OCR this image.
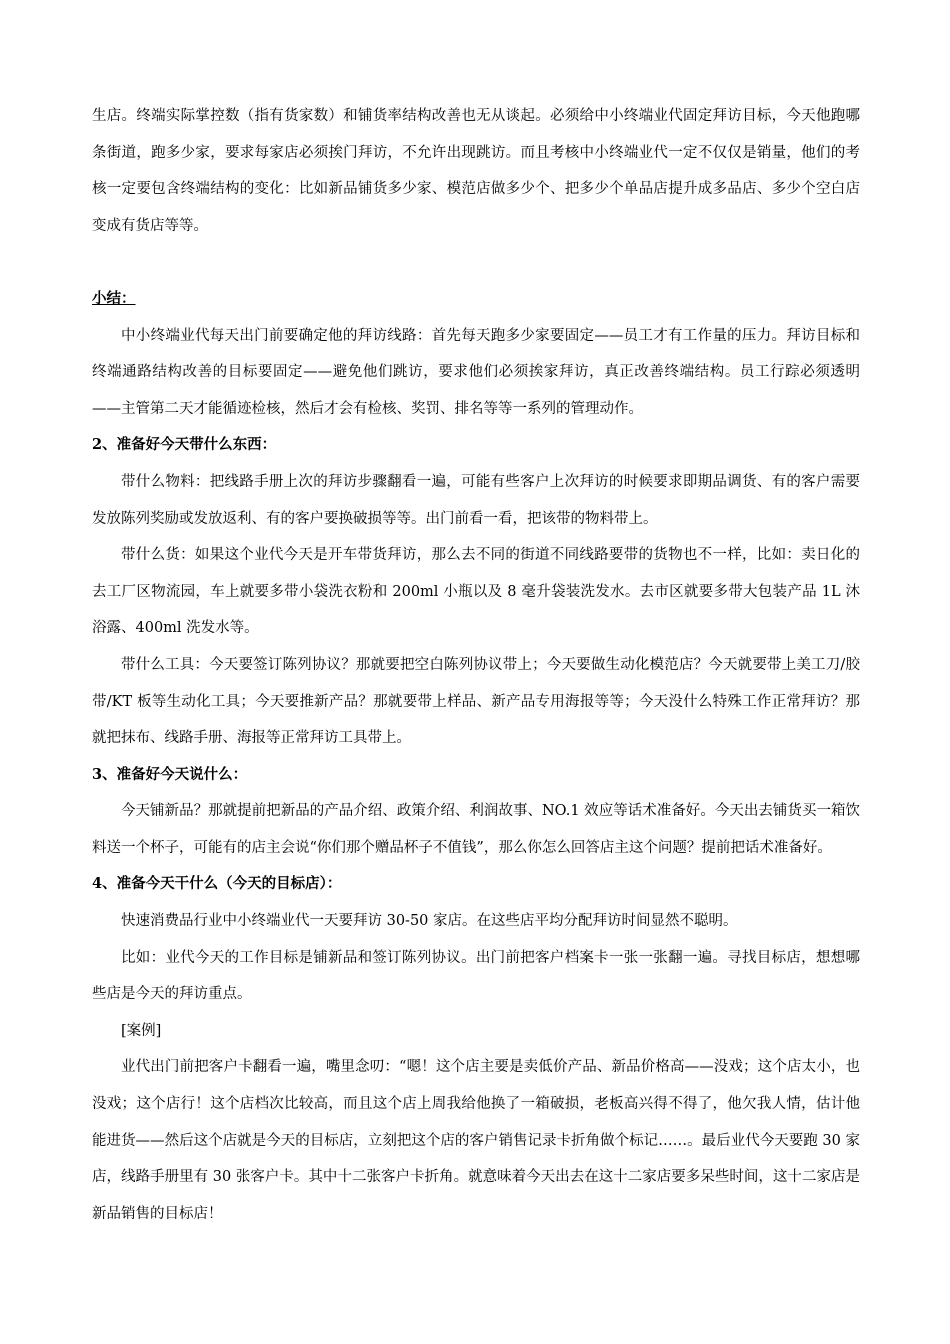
生店。终端实际掌控数（指有货家数）和铺货率结构改善也无从谈起。必须给中小终端业代固定拜访目标，今天他跑哪条街道，跑多少家，要求每家店必须挨门拜访，不允许出现跳访。而且考核中小终端业代一定不仅仅是销量，他们的考核一定要包含终端结构的变化：比如新品铺货多少家、模范店做多少个、把多少个单品店提升成多品店、多少个空白店变成有货店等等。

小结：

中小终端业代每天出门前要确定他的拜访线路：首先每天跑多少家要固定——员工才有工作量的压力。拜访目标和终端通路结构改善的目标要固定——避免他们跳访，要求他们必须挨家拜访，真正改善终端结构。员工行踪必须透明——主管第二天才能循迹检核，然后才会有检核、奖罚、排名等等一系列的管理动作。

2、准备好今天带什么东西：

带什么物料：把线路手册上次的拜访步骤翻看一遍，可能有些客户上次拜访的时候要求即期品调货、有的客户需要发放陈列奖励或发放返利、有的客户要换破损等等。出门前看一看，把该带的物料带上。

带什么货：如果这个业代今天是开车带货拜访，那么去不同的街道不同线路要带的货物也不一样，比如：卖日化的去工厂区物流园，车上就要多带小袋洗衣粉和 200ml 小瓶以及 8 毫升袋装洗发水。去市区就要多带大包装产品 1L 沐浴露、400ml 洗发水等。

带什么工具：今天要签订陈列协议？那就要把空白陈列协议带上；今天要做生动化模范店？今天就要带上美工刀/胶带/KT 板等生动化工具；今天要推新产品？那就要带上样品、新产品专用海报等等；今天没什么特殊工作正常拜访？那就把抹布、线路手册、海报等正常拜访工具带上。

3、准备好今天说什么：

今天铺新品？那就提前把新品的产品介绍、政策介绍、利润故事、NO.1 效应等话术准备好。今天出去铺货买一箱饮料送一个杯子，可能有的店主会说“你们那个赠品杯子不值钱”，那么你怎么回答店主这个问题？提前把话术准备好。

4、准备今天干什么（今天的目标店）：

快速消费品行业中小终端业代一天要拜访 30-50 家店。在这些店平均分配拜访时间显然不聪明。

比如：业代今天的工作目标是铺新品和签订陈列协议。出门前把客户档案卡一张一张翻一遍。寻找目标店，想想哪些店是今天的拜访重点。

[案例]

业代出门前把客户卡翻看一遍，嘴里念叨：“嗯！这个店主要是卖低价产品、新品价格高——没戏；这个店太小，也没戏；这个店行！这个店档次比较高，而且这个店上周我给他换了一箱破损，老板高兴得不得了，他欠我人情，估计他能进货——然后这个店就是今天的目标店，立刻把这个店的客户销售记录卡折角做个标记……。最后业代今天要跑 30 家店，线路手册里有 30 张客户卡。其中十二张客户卡折角。就意味着今天出去在这十二家店要多呆些时间，这十二家店是新品销售的目标店！
